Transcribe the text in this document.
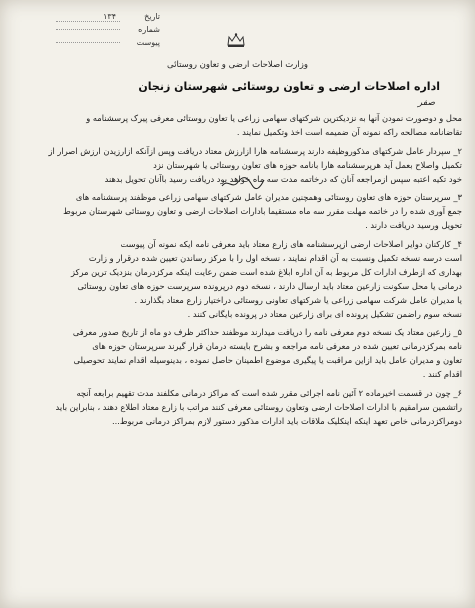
تاریخ
۱۳۴
شماره
پیوست
وزارت اصلاحات ارضی و تعاون روستائی
اداره اصلاحات ارضی و تعاون روستائی شهرستان زنجان
صفر
محل و دوصورت نمودن آنها به نزدیکترین شرکتهای سهامی زراعی یا تعاون روستائی معرفی پیرک پرسشنامه و
تقاضانامه مصالحه راکه نمونه آن ضمیمه است اخذ وتکمیل نمایند .
۲_ سپردار عامل شرکتهای مذکوروظیفه دارند پرسشنامه هارا ازارزش معتاد دریافت وپس ازآنکه ازارزیدن ارزش اصرار از
تکمیل واصلاح بعمل آید هرپرسشنامه هارا بانامه حوزه های تعاون روستائی یا شهرستان نزد
خود تکیه اعتبه سپس ازمراجعه آنان که درخاتمه مدت سه ماه خواهد بود دریافت رسید باآنان تحویل بدهند
۳_ سرپرستان حوزه های تعاون روستائی وهمچنین مدیران عامل شرکتهای سهامی زراعی موظفند پرسشنامه های
جمع آوری شده را در خاتمه مهلت مقرر سه ماه مستقیما بادارات اصلاحات ارضی و تعاون روستائی شهرستان مربوط
تحویل ورسید دریافت دارند .
۴_ کارکنان دوایر اصلاحات ارضی ازپرسشنامه های زارع معتاد باید معرفی نامه ایکه نمونه آن پیوست
است درسه نسخه تکمیل ونسبت به آن اقدام نمایند ، نسخه اول را با مرکز رساندن تعیین شده درقرار و زارت
بهداری که ازطرف ادارات کل مربوط به آن اداره ابلاغ شده است ضمن رعایت اینکه مرکزدرمان بنزدیک ترین مرکز
درمانی یا محل سکونت زارعین معتاد باید ارسال دارند ، نسخه دوم درپرونده سرپرست حوزه های تعاون روستائی
یا مدیران عامل شرکت سهامی زراعی یا شرکتهای تعاونی روستائی دراختیار زارع معتاد بگذارند .
نسخه سوم راضمن تشکیل پرونده ای برای زارعین معتاد در پرونده بایگانی کنند .
۵_ زارعین معتاد یک نسخه دوم معرفی نامه را دریافت میدارند موظفند حداکثر ظرف دو ماه از تاریخ صدور معرفی
نامه بمرکزدرمانی تعیین شده در معرفی نامه مراجعه و بشرح بایسته درمان قرار گیرند سرپرستان حوزه های
تعاون و مدیران عامل باید ازاین مراقبت یا پیگیری موضوع اطمینان حاصل نموده ، بدینوسیله اقدام نمایند تحوصیلی
اقدام کنند .
۶_ چون در قسمت اخیرماده ۲ آئین نامه اجرائی مقرر شده است که مراکز درمانی مکلفند مدت تقهیم برابعه آنچه
راتشمین سرامقیم با ادارات اصلاحات ارضی وتعاون روستائی معرفی کنند مراتب با زارع معتاد اطلاع دهند ، بنابراین باید
دومراکزدرمانی خاص تعهد اینکه اینکلیک ملاقات باید ادارات مذکور دستور لازم بمراکز درمانی مربوط...
